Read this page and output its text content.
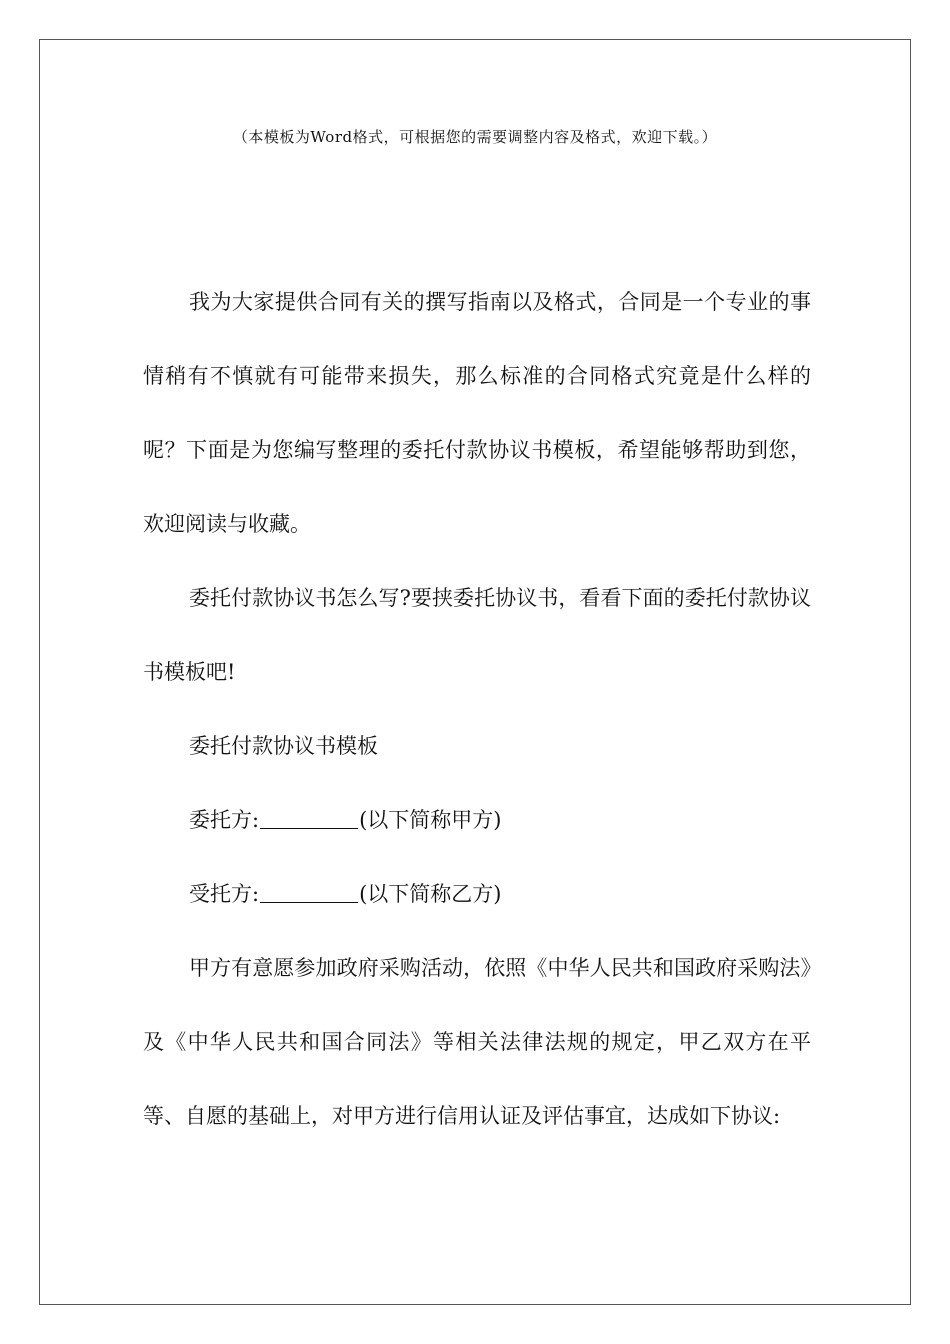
（本模板为Word格式，可根据您的需要调整内容及格式，欢迎下载。）

我为大家提供合同有关的撰写指南以及格式，合同是一个专业的事情稍有不慎就有可能带来损失，那么标准的合同格式究竟是什么样的呢？下面是为您编写整理的委托付款协议书模板，希望能够帮助到您，欢迎阅读与收藏。

委托付款协议书怎么写?要挟委托协议书，看看下面的委托付款协议书模板吧!

委托付款协议书模板

委托方:	(以下简称甲方)

受托方:	(以下简称乙方)

甲方有意愿参加政府采购活动，依照《中华人民共和国政府采购法》及《中华人民共和国合同法》等相关法律法规的规定，甲乙双方在平等、自愿的基础上，对甲方进行信用认证及评估事宜，达成如下协议:
